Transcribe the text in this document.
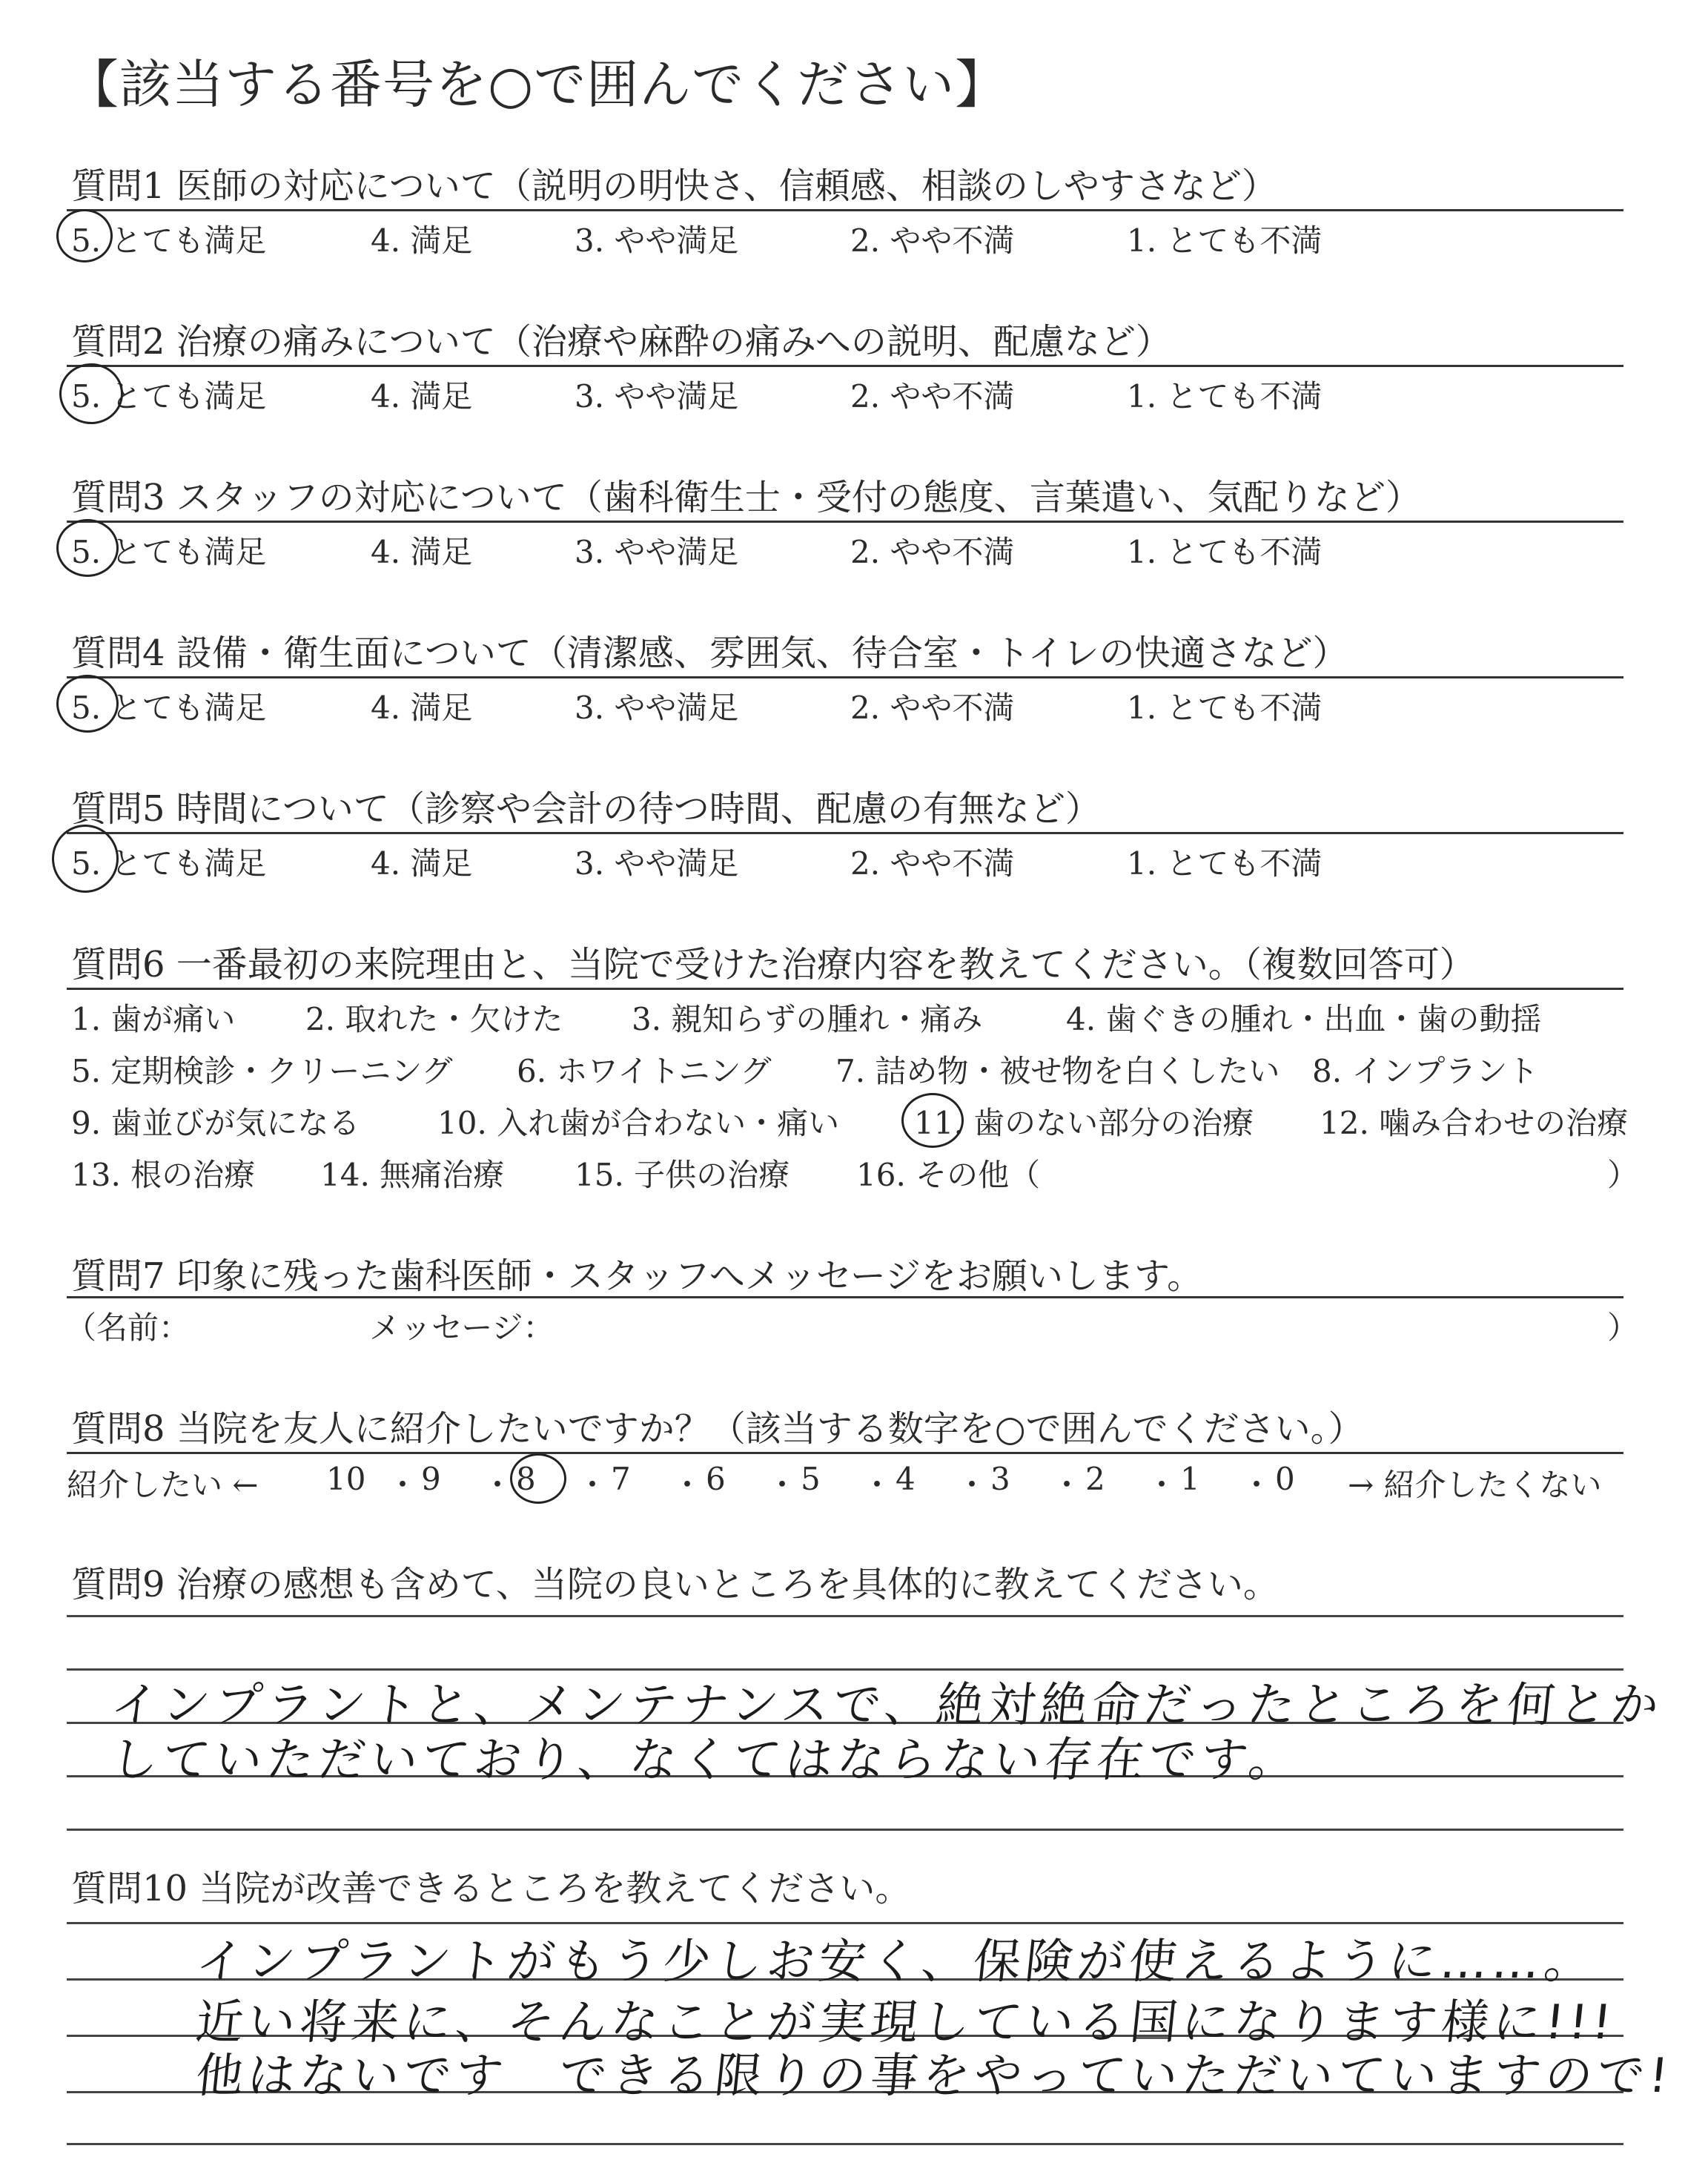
【該当する番号を○で囲んでください】
質問1 医師の対応について（説明の明快さ、信頼感、相談のしやすさなど）
5. とても満足	4. 満足	3. やや満足	2. やや不満	1. とても不満
質問2 治療の痛みについて（治療や麻酔の痛みへの説明、配慮など）
5. とても満足	4. 満足	3. やや満足	2. やや不満	1. とても不満
質問3 スタッフの対応について（歯科衛生士・受付の態度、言葉遣い、気配りなど）
5. とても満足	4. 満足	3. やや満足	2. やや不満	1. とても不満
質問4 設備・衛生面について（清潔感、雰囲気、待合室・トイレの快適さなど）
5. とても満足	4. 満足	3. やや満足	2. やや不満	1. とても不満
質問5 時間について（診察や会計の待つ時間、配慮の有無など）
5. とても満足	4. 満足	3. やや満足	2. やや不満	1. とても不満
質問6 一番最初の来院理由と、当院で受けた治療内容を教えてください。（複数回答可）
1. 歯が痛い 2. 取れた・欠けた 3. 親知らずの腫れ・痛み	4. 歯ぐきの腫れ・出血・歯の動揺
5. 定期検診・クリーニング 6. ホワイトニング 7. 詰め物・被せ物を白くしたい 8. インプラント
9. 歯並びが気になる 10. 入れ歯が合わない・痛い 11. 歯のない部分の治療 12. 噛み合わせの治療
13. 根の治療 14. 無痛治療 15. 子供の治療 16. その他（	）
質問7 印象に残った歯科医師・スタッフへメッセージをお願いします。
（名前：	メッセージ：	）
質問8 当院を友人に紹介したいですか？（該当する数字を○で囲んでください。）
紹介したい ←	→ 紹介したくない
10 ・ 9 ・ 8 ・ 7 ・ 6 ・ 5 ・ 4 ・ 3 ・ 2 ・ 1 ・ 0
質問9 治療の感想も含めて、当院の良いところを具体的に教えてください。
インプラントと、メンテナンスで、絶対絶命だったところを何とか
していただいており、なくてはならない存在です。
質問10 当院が改善できるところを教えてください。
インプラントがもう少しお安く、保険が使えるように……。
近い将来に、そんなことが実現している国になります様に!!!
他はないです　できる限りの事をやっていただいていますので!
